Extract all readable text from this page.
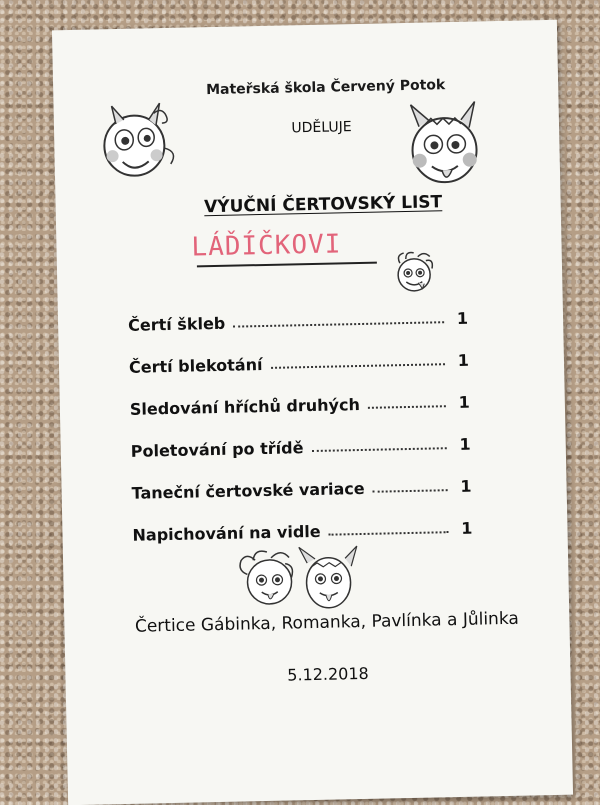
Mateřská škola Červený Potok
UDĚLUJE
VÝUČNÍ ČERTOVSKÝ LIST
LÁĎÍČKOVI
Čertí škleb	1
Čertí blekotání	1
Sledování hříchů druhých	1
Poletování po třídě	1
Taneční čertovské variace	1
Napichování na vidle	1
Čertice Gábinka, Romanka, Pavlínka a Jůlinka
5.12.2018
